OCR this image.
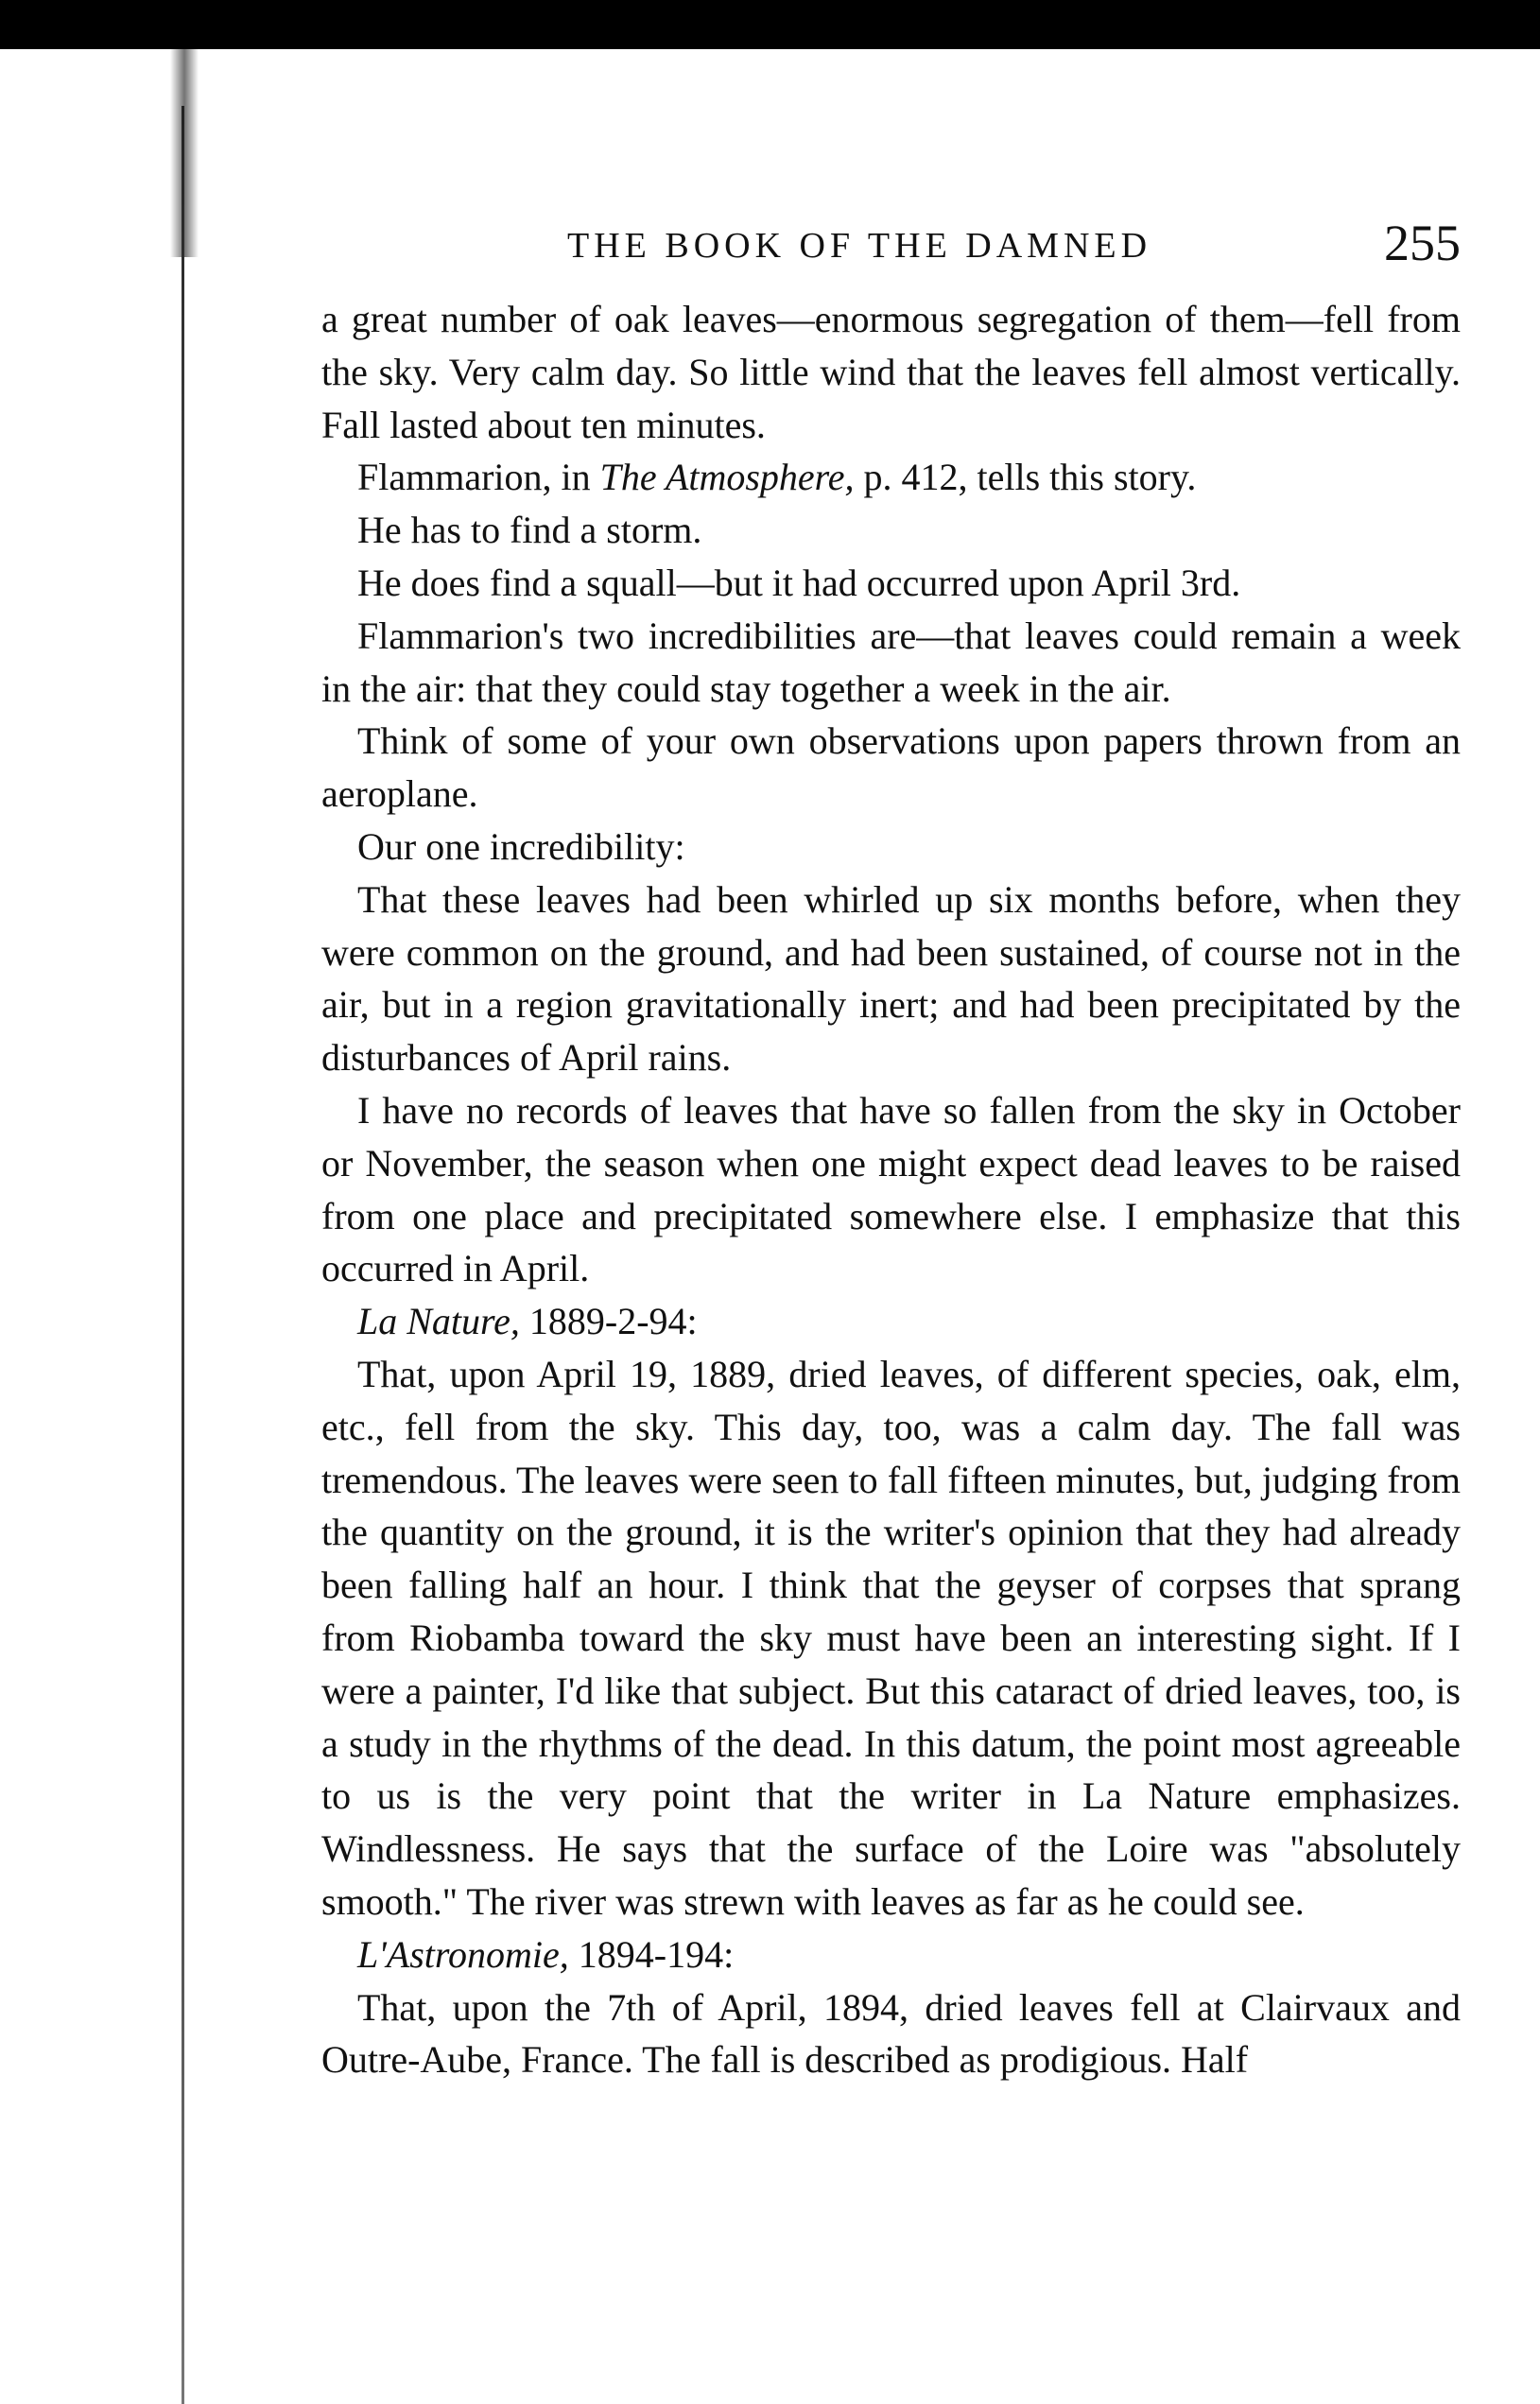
THE BOOK OF THE DAMNED	255

a great number of oak leaves—enormous segregation of them—fell from the sky. Very calm day. So little wind that the leaves fell almost vertically. Fall lasted about ten minutes.

Flammarion, in The Atmosphere, p. 412, tells this story.

He has to find a storm.

He does find a squall—but it had occurred upon April 3rd.

Flammarion's two incredibilities are—that leaves could remain a week in the air: that they could stay together a week in the air.

Think of some of your own observations upon papers thrown from an aeroplane.

Our one incredibility:

That these leaves had been whirled up six months before, when they were common on the ground, and had been sustained, of course not in the air, but in a region gravitationally inert; and had been precipitated by the disturbances of April rains.

I have no records of leaves that have so fallen from the sky in October or November, the season when one might expect dead leaves to be raised from one place and precipitated somewhere else. I emphasize that this occurred in April.

La Nature, 1889-2-94:

That, upon April 19, 1889, dried leaves, of different species, oak, elm, etc., fell from the sky. This day, too, was a calm day. The fall was tremendous. The leaves were seen to fall fifteen minutes, but, judging from the quantity on the ground, it is the writer's opinion that they had already been falling half an hour. I think that the geyser of corpses that sprang from Riobamba toward the sky must have been an interesting sight. If I were a painter, I'd like that subject. But this cataract of dried leaves, too, is a study in the rhythms of the dead. In this datum, the point most agreeable to us is the very point that the writer in La Nature emphasizes. Windlessness. He says that the surface of the Loire was "absolutely smooth." The river was strewn with leaves as far as he could see.

L'Astronomie, 1894-194:

That, upon the 7th of April, 1894, dried leaves fell at Clairvaux and Outre-Aube, France. The fall is described as prodigious. Half
